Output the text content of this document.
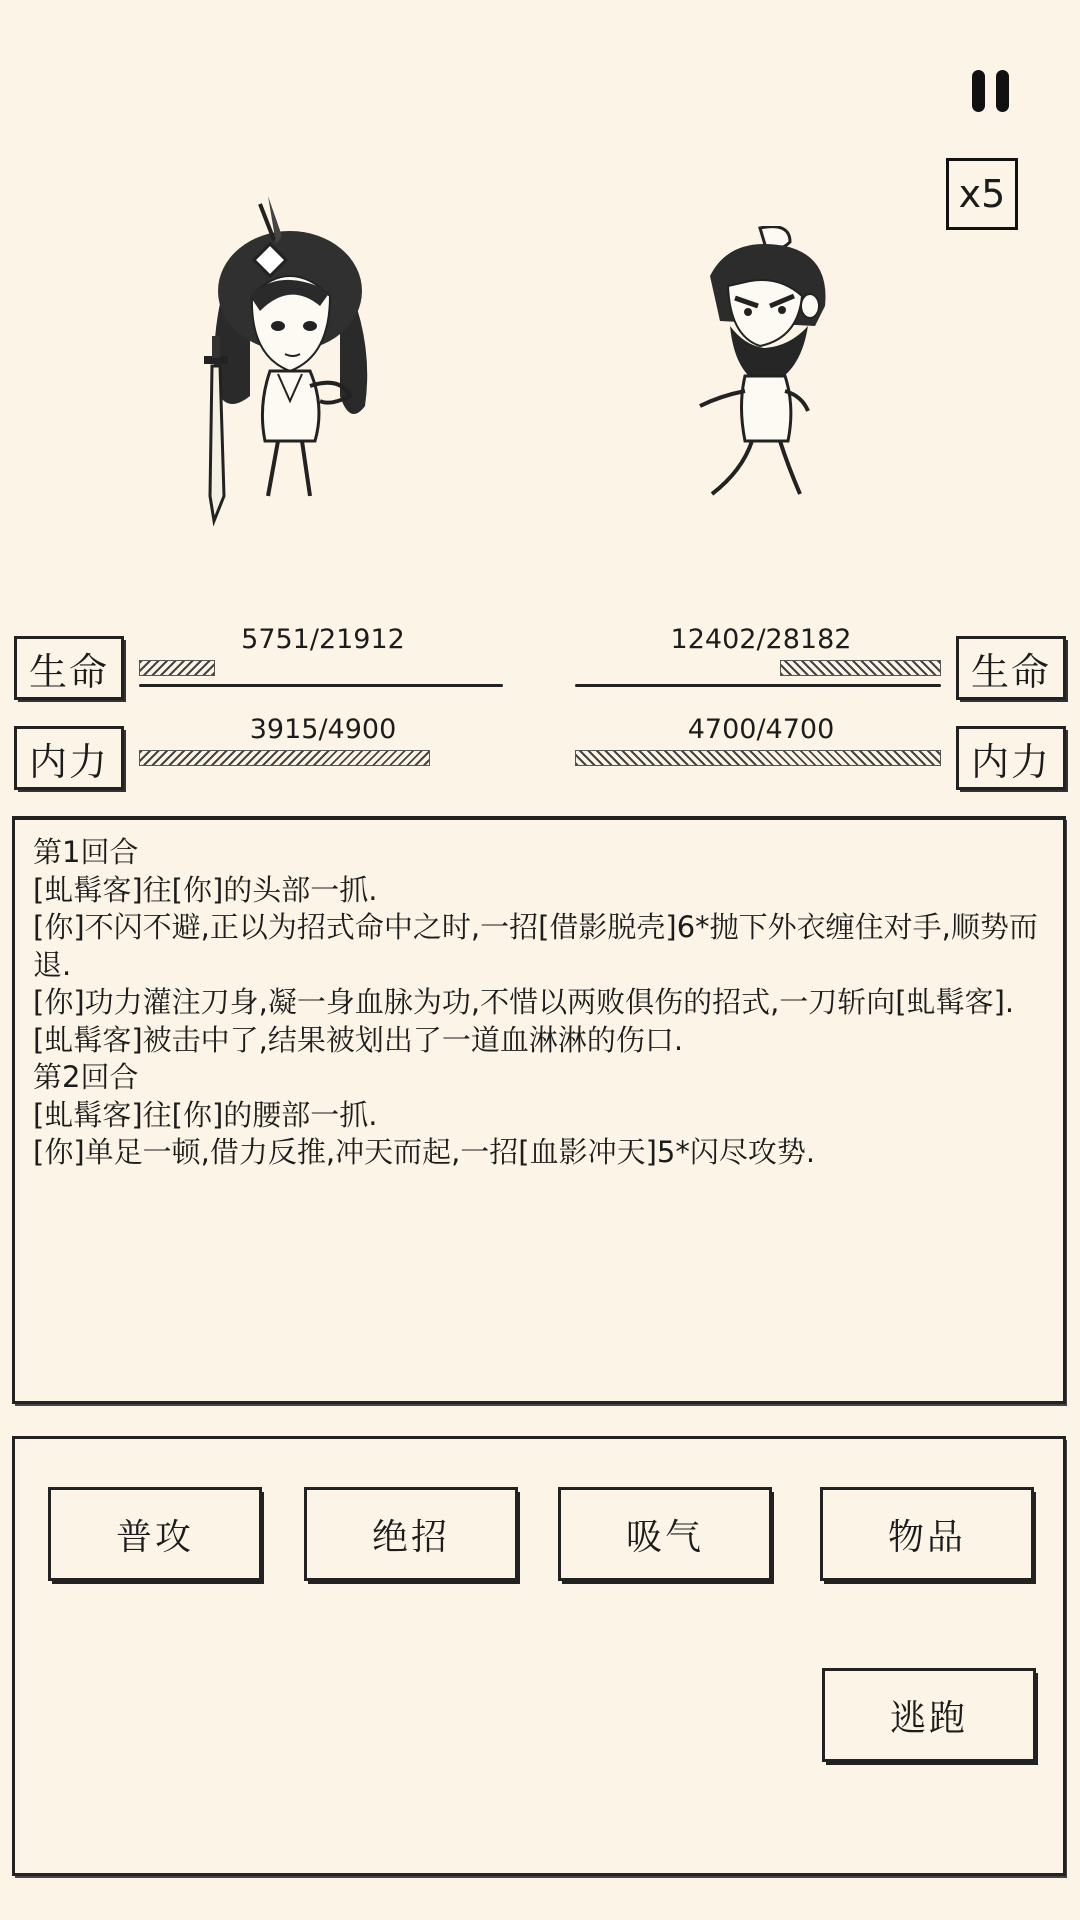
x5
生命
5751/21912
内力
3915/4900
生命
12402/28182
内力
4700/4700
第1回合
[虬髯客]往[你]的头部一抓.
[你]不闪不避,正以为招式命中之时,一招[借影脱壳]6*抛下外衣缠住对手,顺势而退.
[你]功力灌注刀身,凝一身血脉为功,不惜以两败俱伤的招式,一刀斩向[虬髯客].
[虬髯客]被击中了,结果被划出了一道血淋淋的伤口.
第2回合
[虬髯客]往[你]的腰部一抓.
[你]单足一顿,借力反推,冲天而起,一招[血影冲天]5*闪尽攻势.
普攻	绝招	吸气	物品
逃跑
